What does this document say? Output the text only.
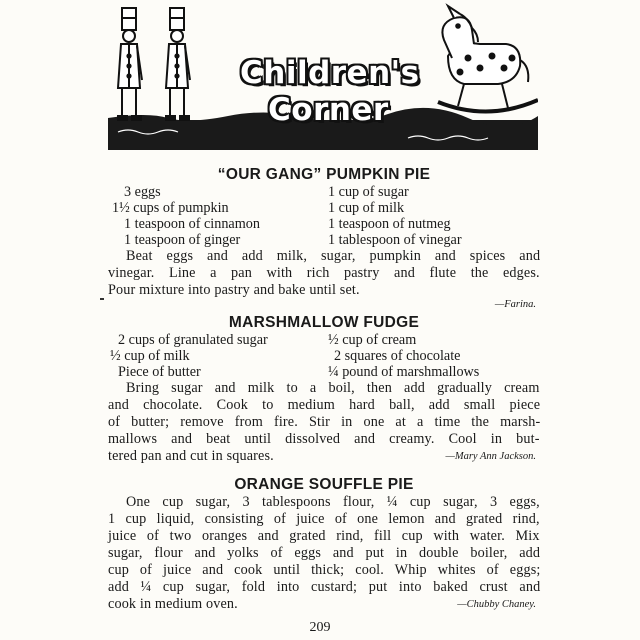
Children's
Corner
“OUR GANG” PUMPKIN PIE
3 eggs	1 cup of sugar
1½ cups of pumpkin	1 cup of milk
1 teaspoon of cinnamon	1 teaspoon of nutmeg
1 teaspoon of ginger	1 tablespoon of vinegar

Beat eggs and add milk, sugar, pumpkin and spices and
vinegar. Line a pan with rich pastry and flute the edges.
Pour mixture into pastry and bake until set.

—Farina.

MARSHMALLOW FUDGE
2 cups of granulated sugar	½ cup of cream
½ cup of milk	2 squares of chocolate
Piece of butter	¼ pound of marshmallows

Bring sugar and milk to a boil, then add gradually cream
and chocolate. Cook to medium hard ball, add small piece
of butter; remove from fire. Stir in one at a time the marsh-
mallows and beat until dissolved and creamy. Cool in but-
tered pan and cut in squares.	—Mary Ann Jackson.

ORANGE SOUFFLE PIE

One cup sugar, 3 tablespoons flour, ¼ cup sugar, 3 eggs,
1 cup liquid, consisting of juice of one lemon and grated rind,
juice of two oranges and grated rind, fill cup with water. Mix
sugar, flour and yolks of eggs and put in double boiler, add
cup of juice and cook until thick; cool. Whip whites of eggs;
add ¼ cup sugar, fold into custard; put into baked crust and
cook in medium oven.	—Chubby Chaney.

209
